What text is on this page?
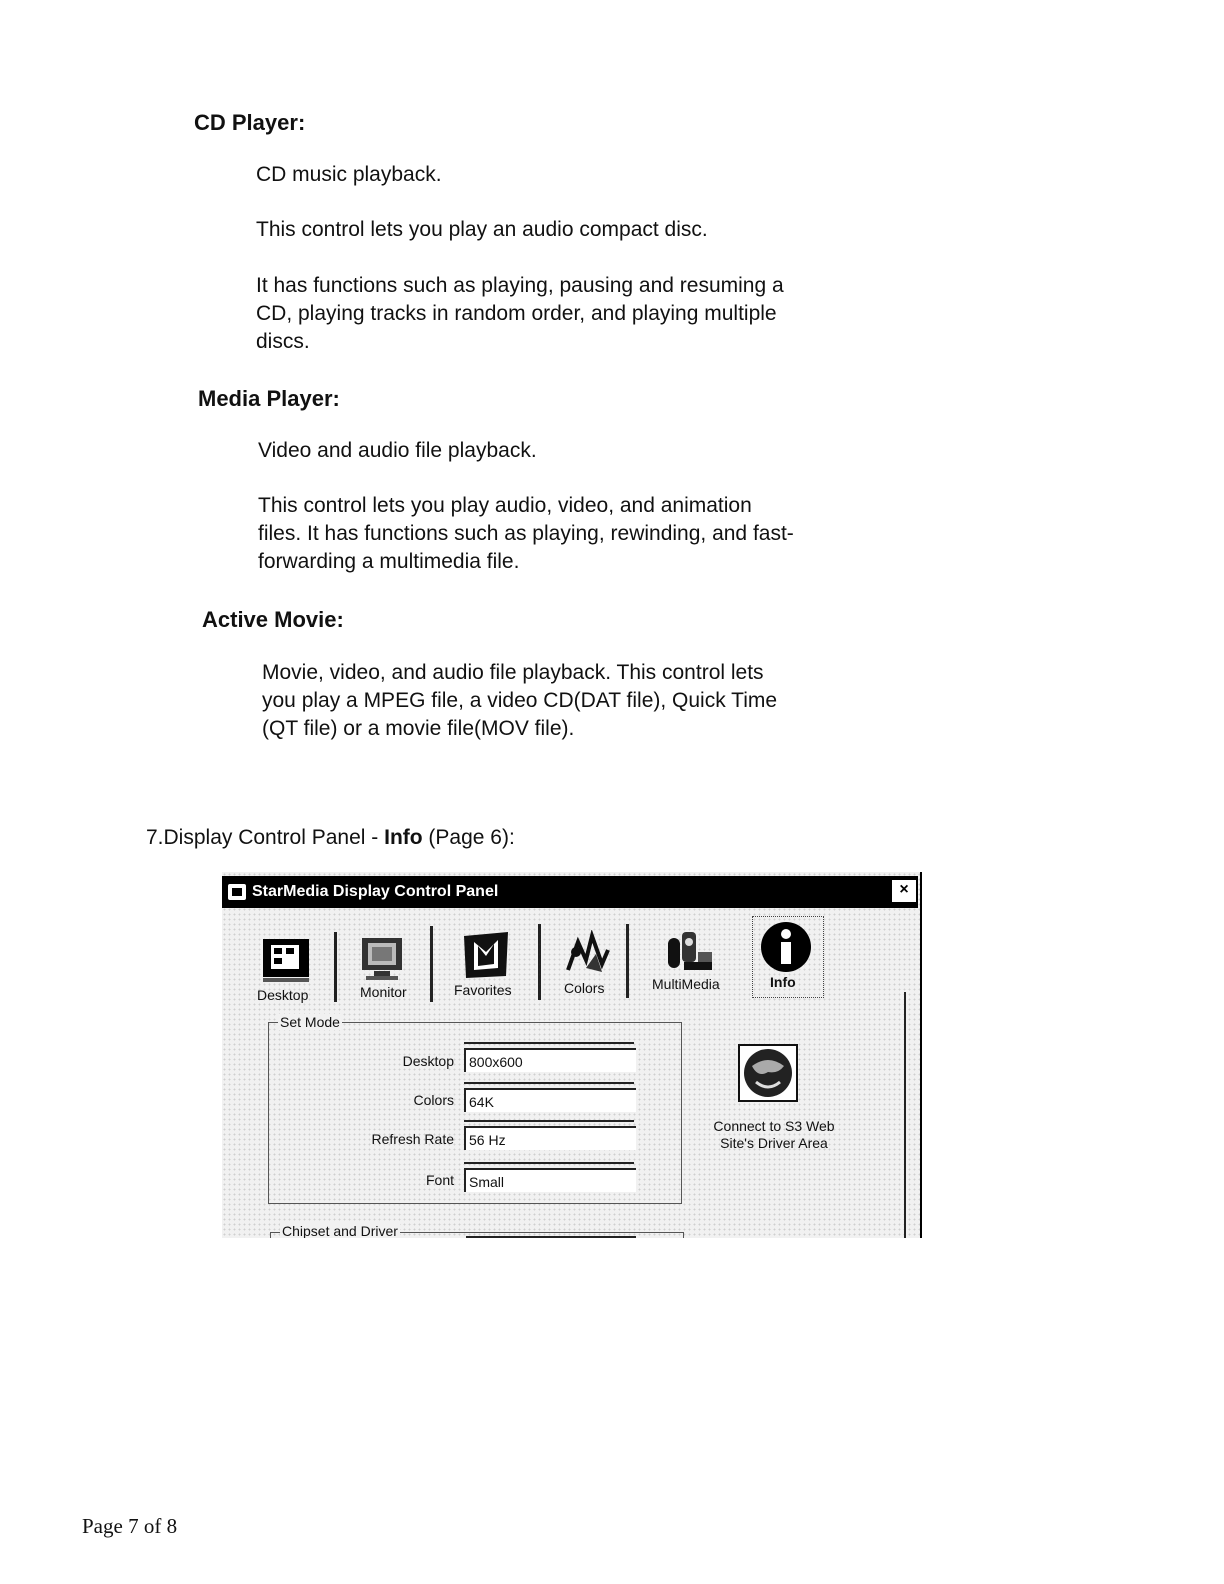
CD Player:
CD music playback.
This control lets you play an audio compact disc.
It has functions such as playing, pausing and resuming a
CD, playing tracks in random order, and playing multiple
discs.
Media Player:
Video and audio file playback.
This control lets you play audio, video, and animation
files. It has functions such as playing, rewinding, and fast-
forwarding a multimedia file.
Active Movie:
Movie, video, and audio file playback. This control lets
you play a MPEG file, a video CD(DAT file), Quick Time
(QT file) or a movie file(MOV file).
7.Display Control Panel - Info (Page 6):
StarMedia Display Control Panel	×
Desktop	Monitor	Favorites	Colors	MultiMedia	Info
Set Mode
Desktop	800x600
Colors	64K
Refresh Rate	56 Hz
Font	Small
Connect to S3 Web
Site's Driver Area
Chipset and Driver
Page 7 of 8
